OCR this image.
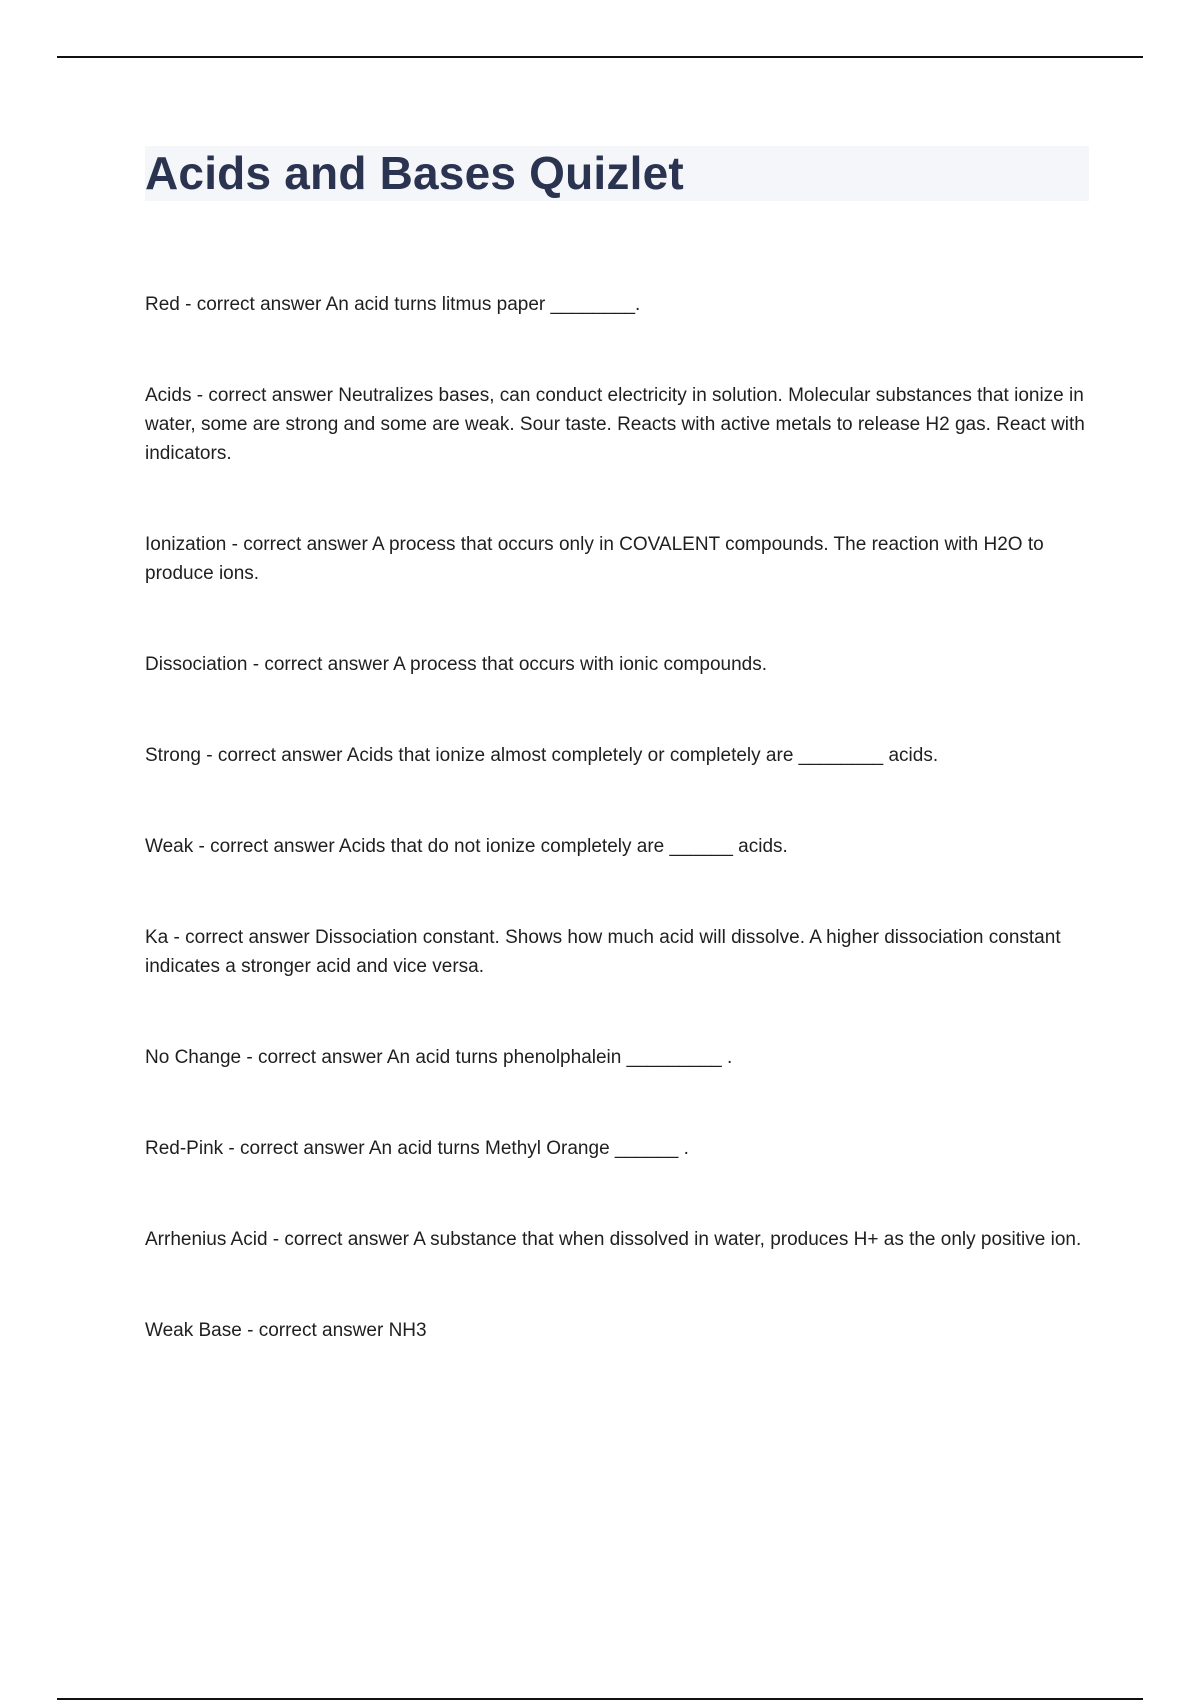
Acids and Bases Quizlet

Red - correct answer An acid turns litmus paper ________.

Acids - correct answer Neutralizes bases, can conduct electricity in solution. Molecular substances that ionize in water, some are strong and some are weak. Sour taste. Reacts with active metals to release H2 gas. React with indicators.

Ionization - correct answer A process that occurs only in COVALENT compounds. The reaction with H2O to produce ions.

Dissociation - correct answer A process that occurs with ionic compounds.

Strong - correct answer Acids that ionize almost completely or completely are ________ acids.

Weak - correct answer Acids that do not ionize completely are ______ acids.

Ka - correct answer Dissociation constant. Shows how much acid will dissolve. A higher dissociation constant indicates a stronger acid and vice versa.

No Change - correct answer An acid turns phenolphalein _________ .

Red-Pink - correct answer An acid turns Methyl Orange ______ .

Arrhenius Acid - correct answer A substance that when dissolved in water, produces H+ as the only positive ion.

Weak Base - correct answer NH3
